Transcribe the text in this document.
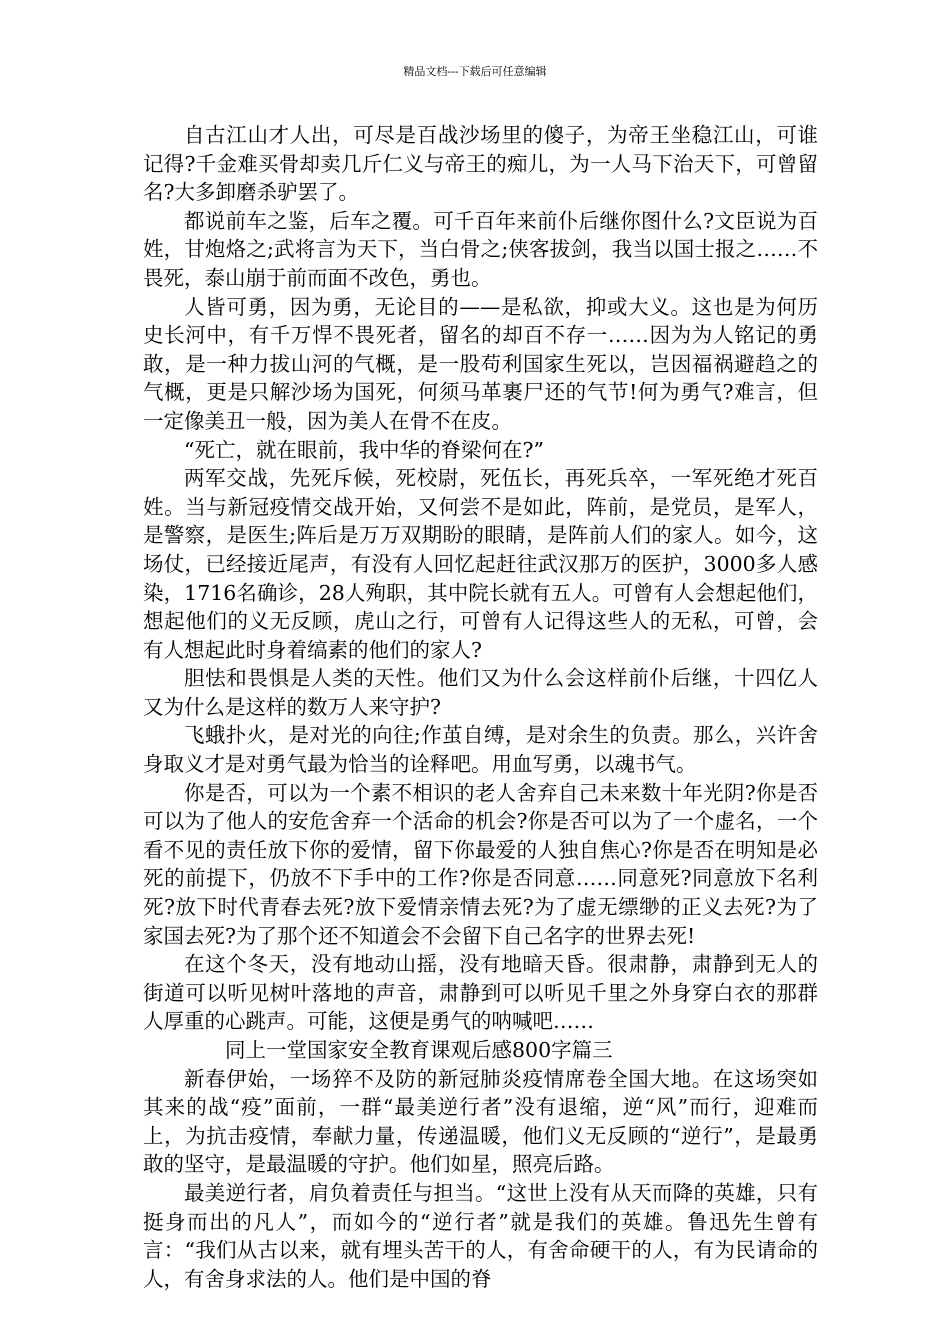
精品文档---下载后可任意编辑

自古江山才人出，可尽是百战沙场里的傻子，为帝王坐稳江山，可谁记得?千金难买骨却卖几斤仁义与帝王的痴儿，为一人马下治天下，可曾留名?大多卸磨杀驴罢了。

都说前车之鉴，后车之覆。可千百年来前仆后继你图什么?文臣说为百姓，甘炮烙之;武将言为天下，当白骨之;侠客拔剑，我当以国士报之……不畏死，泰山崩于前而面不改色，勇也。

人皆可勇，因为勇，无论目的——是私欲，抑或大义。这也是为何历史长河中，有千万悍不畏死者，留名的却百不存一……因为为人铭记的勇敢，是一种力拔山河的气概，是一股苟利国家生死以，岂因福祸避趋之的气概，更是只解沙场为国死，何须马革裹尸还的气节!何为勇气?难言，但一定像美丑一般，因为美人在骨不在皮。

“死亡，就在眼前，我中华的脊梁何在?”

两军交战，先死斥候，死校尉，死伍长，再死兵卒，一军死绝才死百姓。当与新冠疫情交战开始，又何尝不是如此，阵前，是党员，是军人，是警察，是医生;阵后是万万双期盼的眼睛，是阵前人们的家人。如今，这场仗，已经接近尾声，有没有人回忆起赶往武汉那万的医护，3000多人感染，1716名确诊，28人殉职，其中院长就有五人。可曾有人会想起他们，想起他们的义无反顾，虎山之行，可曾有人记得这些人的无私，可曾，会有人想起此时身着缟素的他们的家人?

胆怯和畏惧是人类的天性。他们又为什么会这样前仆后继，十四亿人又为什么是这样的数万人来守护?

飞蛾扑火，是对光的向往;作茧自缚，是对余生的负责。那么，兴许舍身取义才是对勇气最为恰当的诠释吧。用血写勇，以魂书气。

你是否，可以为一个素不相识的老人舍弃自己未来数十年光阴?你是否可以为了他人的安危舍弃一个活命的机会?你是否可以为了一个虚名，一个看不见的责任放下你的爱情，留下你最爱的人独自焦心?你是否在明知是必死的前提下，仍放不下手中的工作?你是否同意……同意死?同意放下名利死?放下时代青春去死?放下爱情亲情去死?为了虚无缥缈的正义去死?为了家国去死?为了那个还不知道会不会留下自己名字的世界去死!

在这个冬天，没有地动山摇，没有地暗天昏。很肃静，肃静到无人的街道可以听见树叶落地的声音，肃静到可以听见千里之外身穿白衣的那群人厚重的心跳声。可能，这便是勇气的呐喊吧……

同上一堂国家安全教育课观后感800字篇三

新春伊始，一场猝不及防的新冠肺炎疫情席卷全国大地。在这场突如其来的战“疫”面前，一群“最美逆行者”没有退缩，逆“风”而行，迎难而上，为抗击疫情，奉献力量，传递温暖，他们义无反顾的“逆行”，是最勇敢的坚守，是最温暖的守护。他们如星，照亮后路。

最美逆行者，肩负着责任与担当。“这世上没有从天而降的英雄，只有挺身而出的凡人”，而如今的“逆行者”就是我们的英雄。鲁迅先生曾有言：“我们从古以来，就有埋头苦干的人，有舍命硬干的人，有为民请命的人，有舍身求法的人。他们是中国的脊
